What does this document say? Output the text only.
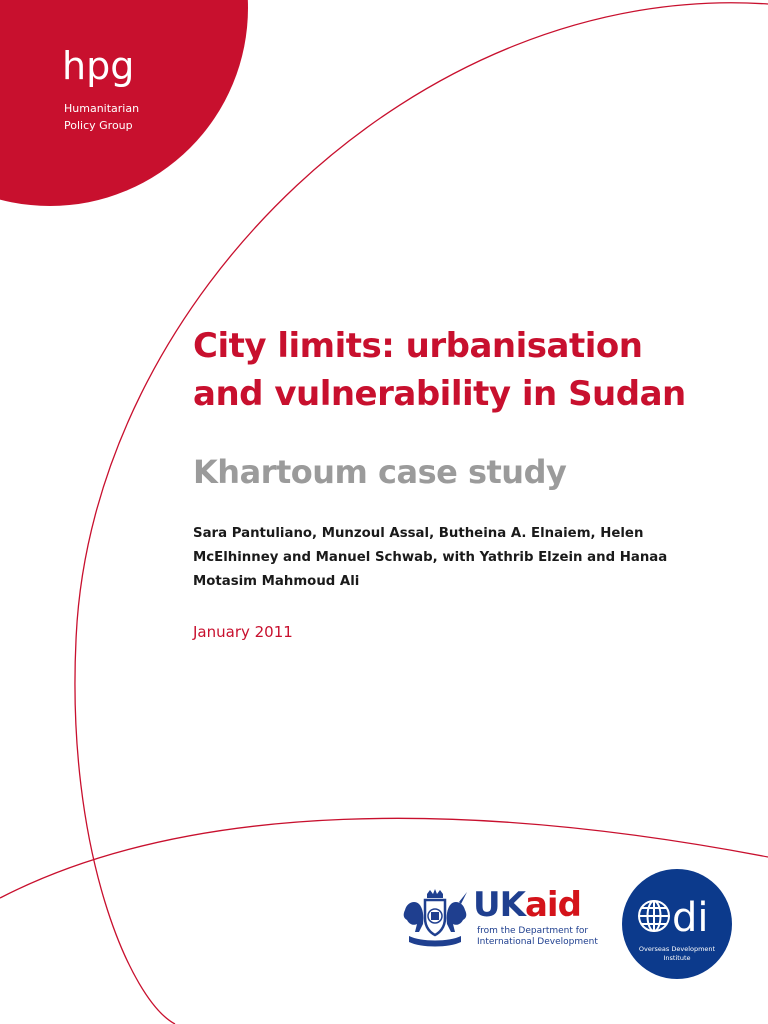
hpg
Humanitarian
Policy Group
City limits: urbanisation
and vulnerability in Sudan
Khartoum case study

Sara Pantuliano, Munzoul Assal, Butheina A. Elnaiem, Helen
McElhinney and Manuel Schwab, with Yathrib Elzein and Hanaa
Motasim Mahmoud Ali

January 2011
UKaid
from the Department for
International Development
di
Overseas Development
Institute
